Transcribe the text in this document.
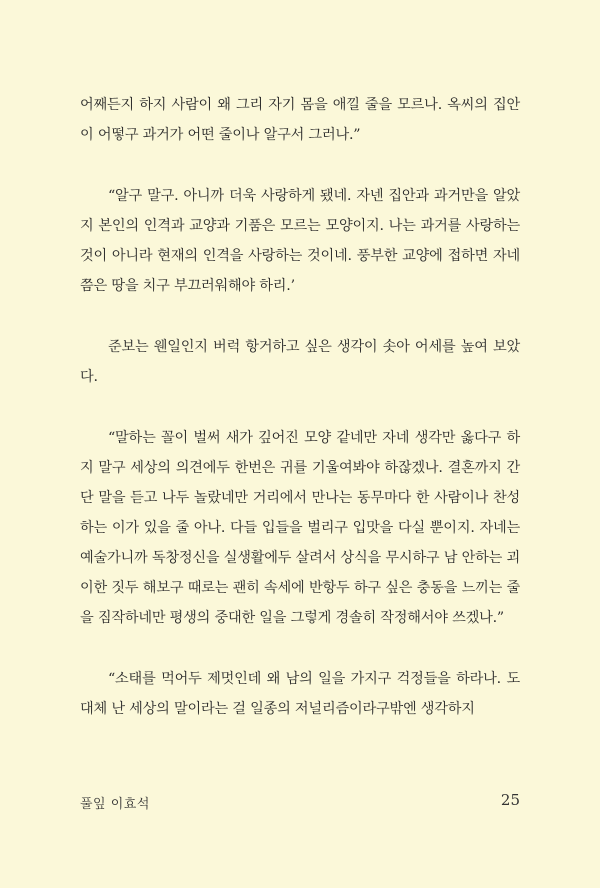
어째든지 하지 사람이 왜 그리 자기 몸을 애낄 줄을 모르나. 옥씨의 집안이 어떻구 과거가 어떤 줄이나 알구서 그러나.”

“알구 말구. 아니까 더욱 사랑하게 됐네. 자넨 집안과 과거만을 알았지 본인의 인격과 교양과 기품은 모르는 모양이지. 나는 과거를 사랑하는 것이 아니라 현재의 인격을 사랑하는 것이네. 풍부한 교양에 접하면 자네쯤은 땅을 치구 부끄러워해야 하리.’

준보는 웬일인지 버럭 항거하고 싶은 생각이 솟아 어세를 높여 보았다.

“말하는 꼴이 벌써 새가 깊어진 모양 같네만 자네 생각만 옳다구 하지 말구 세상의 의견에두 한번은 귀를 기울여봐야 하잖겠나. 결혼까지 간단 말을 듣고 나두 놀랐네만 거리에서 만나는 동무마다 한 사람이나 찬성하는 이가 있을 줄 아나. 다들 입들을 벌리구 입맛을 다실 뿐이지. 자네는 예술가니까 독창정신을 실생활에두 살려서 상식을 무시하구 남 안하는 괴이한 짓두 해보구 때로는 괜히 속세에 반항두 하구 싶은 충동을 느끼는 줄을 짐작하네만 평생의 중대한 일을 그렇게 경솔히 작정해서야 쓰겠나.”

“소태를 먹어두 제멋인데 왜 남의 일을 가지구 걱정들을 하라나. 도대체 난 세상의 말이라는 걸 일종의 저널리즘이라구밖엔 생각하지

풀잎 이효석	25
